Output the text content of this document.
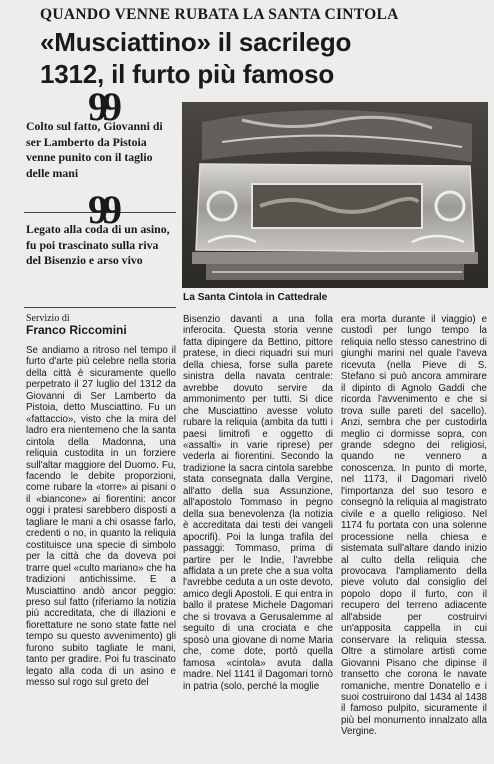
QUANDO VENNE RUBATA LA SANTA CINTOLA
«Musciattino» il sacrilego
1312, il furto più famoso
99
Colto sul fatto, Giovanni di ser Lamberto da Pistoia venne punito con il taglio delle mani
99
Legato alla coda di un asino, fu poi trascinato sulla riva del Bisenzio e arso vivo
La Santa Cintola in Cattedrale
Servizio di
Franco Riccomini

Se andiamo a ritroso nel tempo il furto d'arte più celebre nella storia della città è sicuramente quello perpetrato il 27 luglio del 1312 da Giovanni di Ser Lamberto da Pistoia, detto Musciattino. Fu un «fattaccio», visto che la mira del ladro era nientemeno che la santa cintola della Madonna, una reliquia custodita in un forziere sull'altar maggiore del Duomo. Fu, facendo le debite proporzioni, come rubare la «torre» ai pisani o il «biancone» ai fiorentini: ancor oggi i pratesi sarebbero disposti a tagliare le mani a chi osasse farlo, credenti o no, in quanto la reliquia costituisce una specie di simbolo per la città che da doveva poi trarre quel «culto mariano» che ha tradizioni antichissime. E a Musciattino andò ancor peggio: preso sul fatto (riferiamo la notizia più accreditata, che di illazioni e fiorettature ne sono state fatte nel tempo su questo avvenimento) gli furono subito tagliate le mani, tanto per gradire. Poi fu trascinato legato alla coda di un asino e messo sul rogo sul greto del

Bisenzio davanti a una folla inferocita. Questa storia venne fatta dipingere da Bettino, pittore pratese, in dieci riquadri sui muri della chiesa, forse sulla parete sinistra della navata centrale: avrebbe dovuto servire da ammonimento per tutti. Si dice che Musciattino avesse voluto rubare la reliquia (ambita da tutti i paesi limitrofi e oggetto di «assalti» in varie riprese) per vederla ai fiorentini. Secondo la tradizione la sacra cintola sarebbe stata consegnata dalla Vergine, all'atto della sua Assunzione, all'apostolo Tommaso in pegno della sua benevolenza (la notizia è accreditata dai testi dei vangeli apocrifi). Poi la lunga trafila del passaggi: Tommaso, prima di partire per le Indie, l'avrebbe affidata a un prete che a sua volta l'avrebbe ceduta a un oste devoto, amico degli Apostoli. E qui entra in ballo il pratese Michele Dagomari che si trovava a Gerusalemme al seguito di una crociata e che sposò una giovane di nome Maria che, come dote, portò quella famosa «cintola» avuta dalla madre. Nel 1141 il Dagomari tornò in patria (solo, perché la moglie

era morta durante il viaggio) e custodì per lungo tempo la reliquia nello stesso canestrino di giunghi marini nel quale l'aveva ricevuta (nella Pieve di S. Stefano si può ancora ammirare il dipinto di Agnolo Gaddi che ricorda l'avvenimento e che si trova sulle pareti del sacello). Anzi, sembra che per custodirla meglio ci dormisse sopra, con grande sdegno dei religiosi, quando ne vennero a conoscenza. In punto di morte, nel 1173, il Dagomari rivelò l'importanza del suo tesoro e consegnò la reliquia al magistrato civile e a quello religioso. Nel 1174 fu portata con una solenne processione nella chiesa e sistemata sull'altare dando inizio al culto della reliquia che provocava l'ampliamento della pieve voluto dal consiglio del popolo dopo il furto, con il recupero del terreno adiacente all'abside per costruirvi un'apposita cappella in cui conservare la reliquia stessa. Oltre a stimolare artisti come Giovanni Pisano che dipinse il transetto che corona le navate romaniche, mentre Donatello e i suoi costruirono dal 1434 al 1438 il famoso pulpito, sicuramente il più bel monumento innalzato alla Vergine.
